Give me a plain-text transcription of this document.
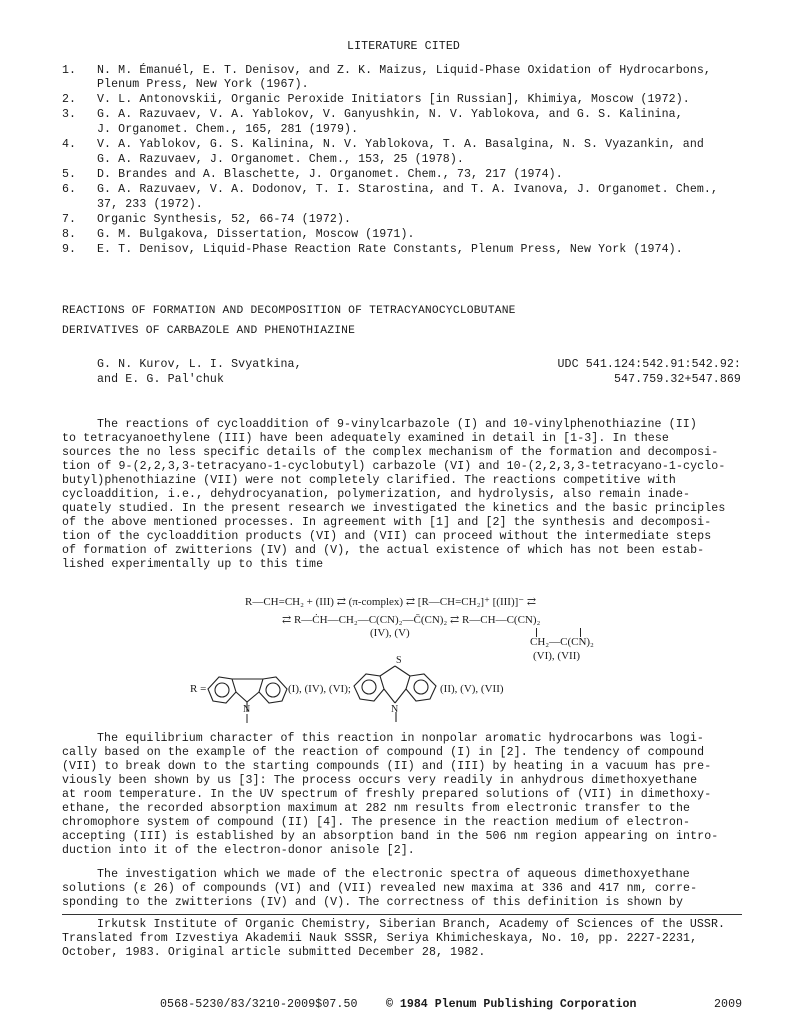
LITERATURE CITED
1. N. M. Émanuél, E. T. Denisov, and Z. K. Maizus, Liquid-Phase Oxidation of Hydrocarbons,
Plenum Press, New York (1967).
2. V. L. Antonovskii, Organic Peroxide Initiators [in Russian], Khimiya, Moscow (1972).
3. G. A. Razuvaev, V. A. Yablokov, V. Ganyushkin, N. V. Yablokova, and G. S. Kalinina,
J. Organomet. Chem., 165, 281 (1979).
4. V. A. Yablokov, G. S. Kalinina, N. V. Yablokova, T. A. Basalgina, N. S. Vyazankin, and
G. A. Razuvaev, J. Organomet. Chem., 153, 25 (1978).
5. D. Brandes and A. Blaschette, J. Organomet. Chem., 73, 217 (1974).
6. G. A. Razuvaev, V. A. Dodonov, T. I. Starostina, and T. A. Ivanova, J. Organomet. Chem.,
37, 233 (1972).
7. Organic Synthesis, 52, 66-74 (1972).
8. G. M. Bulgakova, Dissertation, Moscow (1971).
9. E. T. Denisov, Liquid-Phase Reaction Rate Constants, Plenum Press, New York (1974).
REACTIONS OF FORMATION AND DECOMPOSITION OF TETRACYANOCYCLOBUTANE
DERIVATIVES OF CARBAZOLE AND PHENOTHIAZINE
G. N. Kurov, L. I. Svyatkina,
and E. G. Pal'chuk
UDC 541.124:542.91:542.92:
547.759.32+547.869
The reactions of cycloaddition of 9-vinylcarbazole (I) and 10-vinylphenothiazine (II)
to tetracyanoethylene (III) have been adequately examined in detail in [1-3]. In these
sources the no less specific details of the complex mechanism of the formation and decomposi-
tion of 9-(2,2,3,3-tetracyano-1-cyclobutyl) carbazole (VI) and 10-(2,2,3,3-tetracyano-1-cyclo-
butyl)phenothiazine (VII) were not completely clarified. The reactions competitive with
cycloaddition, i.e., dehydrocyanation, polymerization, and hydrolysis, also remain inade-
quately studied. In the present research we investigated the kinetics and the basic principles
of the above mentioned processes. In agreement with [1] and [2] the synthesis and decomposi-
tion of the cycloaddition products (VI) and (VII) can proceed without the intermediate steps
of formation of zwitterions (IV) and (V), the actual existence of which has not been estab-
lished experimentally up to this time
R—CH=CH₂ + (III) ⇄ (π-complex) ⇄ [R—CH=CH₂]⁺ [(III)]⁻ ⇄
⇄ R—ĊH—CH₂—C(CN)₂—C̄(CN)₂ ⇄ R—CH—C(CN)₂
(IV), (V)
CH₂—C(CN)₂
(VI), (VII)
R =
N
(I), (IV), (VI);
N
S
(II), (V), (VII)
The equilibrium character of this reaction in nonpolar aromatic hydrocarbons was logi-
cally based on the example of the reaction of compound (I) in [2]. The tendency of compound
(VII) to break down to the starting compounds (II) and (III) by heating in a vacuum has pre-
viously been shown by us [3]: The process occurs very readily in anhydrous dimethoxyethane
at room temperature. In the UV spectrum of freshly prepared solutions of (VII) in dimethoxy-
ethane, the recorded absorption maximum at 282 nm results from electronic transfer to the
chromophore system of compound (II) [4]. The presence in the reaction medium of electron-
accepting (III) is established by an absorption band in the 506 nm region appearing on intro-
duction into it of the electron-donor anisole [2].
The investigation which we made of the electronic spectra of aqueous dimethoxyethane
solutions (ε 26) of compounds (VI) and (VII) revealed new maxima at 336 and 417 nm, corre-
sponding to the zwitterions (IV) and (V). The correctness of this definition is shown by
Irkutsk Institute of Organic Chemistry, Siberian Branch, Academy of Sciences of the USSR.
Translated from Izvestiya Akademii Nauk SSSR, Seriya Khimicheskaya, No. 10, pp. 2227-2231,
October, 1983. Original article submitted December 28, 1982.
0568-5230/83/3210-2009$07.50 © 1984 Plenum Publishing Corporation	2009
